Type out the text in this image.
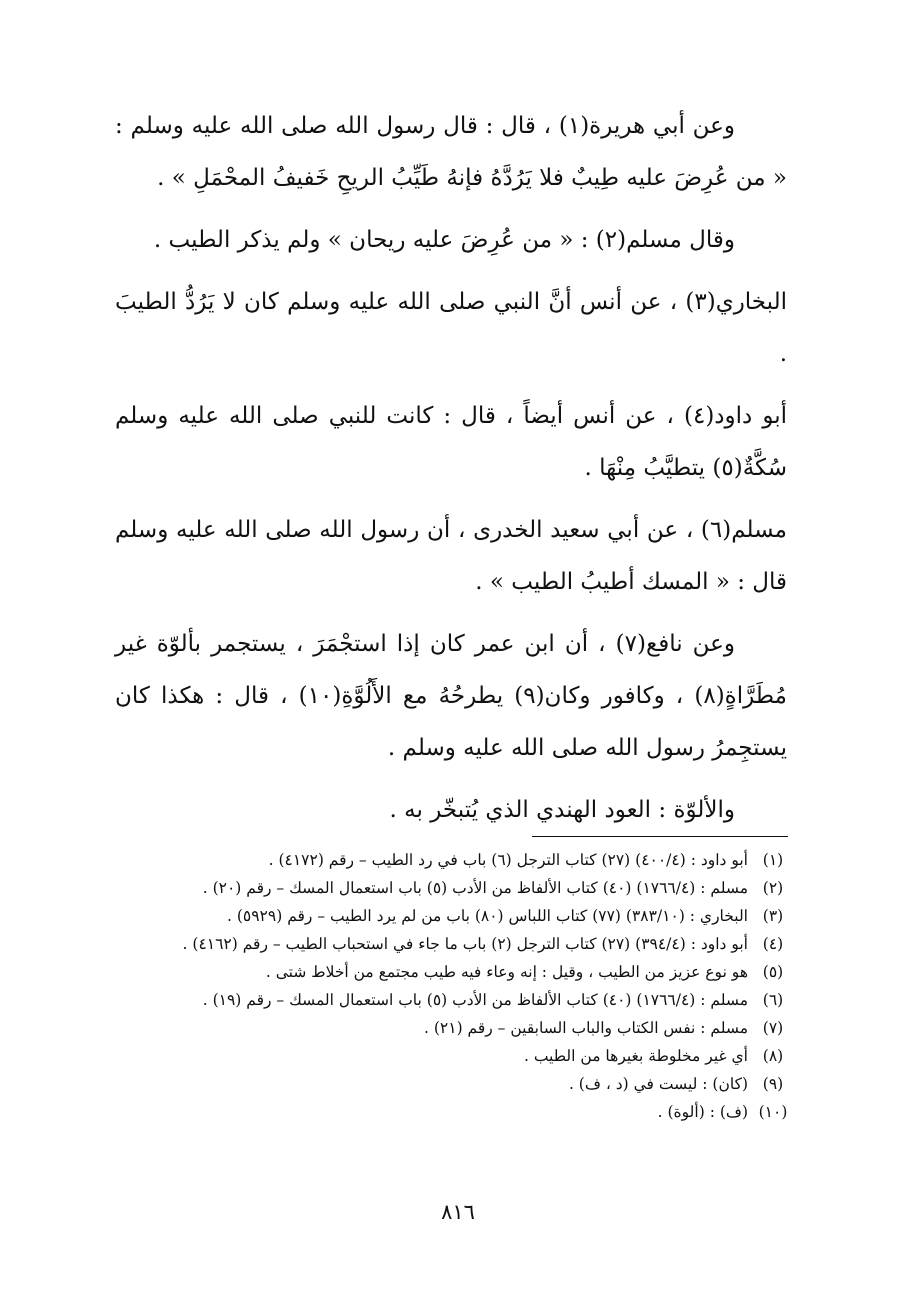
وعن أبي هريرة(١) ، قال : قال رسول الله صلى الله عليه وسلم : « من عُرِضَ عليه طِيبٌ فلا يَرُدَّهُ فإنهُ طَيِّبُ الريحِ خَفيفُ المحْمَلِ » .

وقال مسلم(٢) : « من عُرِضَ عليه ريحان » ولم يذكر الطيب .

البخاري(٣) ، عن أنس أنَّ النبي صلى الله عليه وسلم كان لا يَرُدُّ الطيبَ .

أبو داود(٤) ، عن أنس أيضاً ، قال : كانت للنبي صلى الله عليه وسلم سُكَّةٌ(٥) يتطيَّبُ مِنْهَا .

مسلم(٦) ، عن أبي سعيد الخدرى ، أن رسول الله صلى الله عليه وسلم قال : « المسك أطيبُ الطيب » .

وعن نافع(٧) ، أن ابن عمر كان إذا استجْمَرَ ، يستجمر بألوّة غير مُطَرَّاةٍ(٨) ، وكافور وكان(٩) يطرحُهُ مع الأَلُوَّةِ(١٠) ، قال : هكذا كان يستجِمرُ رسول الله صلى الله عليه وسلم .

والألوّة : العود الهندي الذي يُتبخّر به .

(١)
أبو داود : (٤٠٠/٤) (٢٧) كتاب الترجل (٦) باب في رد الطيب – رقم (٤١٧٢) .
(٢)
مسلم : (١٧٦٦/٤) (٤٠) كتاب الألفاظ من الأدب (٥) باب استعمال المسك – رقم (٢٠) .
(٣)
البخاري : (٣٨٣/١٠) (٧٧) كتاب اللباس (٨٠) باب من لم يرد الطيب – رقم (٥٩٢٩) .
(٤)
أبو داود : (٣٩٤/٤) (٢٧) كتاب الترجل (٢) باب ما جاء في استحباب الطيب – رقم (٤١٦٢) .
(٥)
هو نوع عزيز من الطيب ، وقيل : إنه وعاء فيه طيب مجتمع من أخلاط شتى .
(٦)
مسلم : (١٧٦٦/٤) (٤٠) كتاب الألفاظ من الأدب (٥) باب استعمال المسك – رقم (١٩) .
(٧)
مسلم : نفس الكتاب والباب السابقين – رقم (٢١) .
(٨)
أي غير مخلوطة بغيرها من الطيب .
(٩)
(كان) : ليست في (د ، ف) .
(١٠)
(ف) : (ألوة) .
٨١٦
